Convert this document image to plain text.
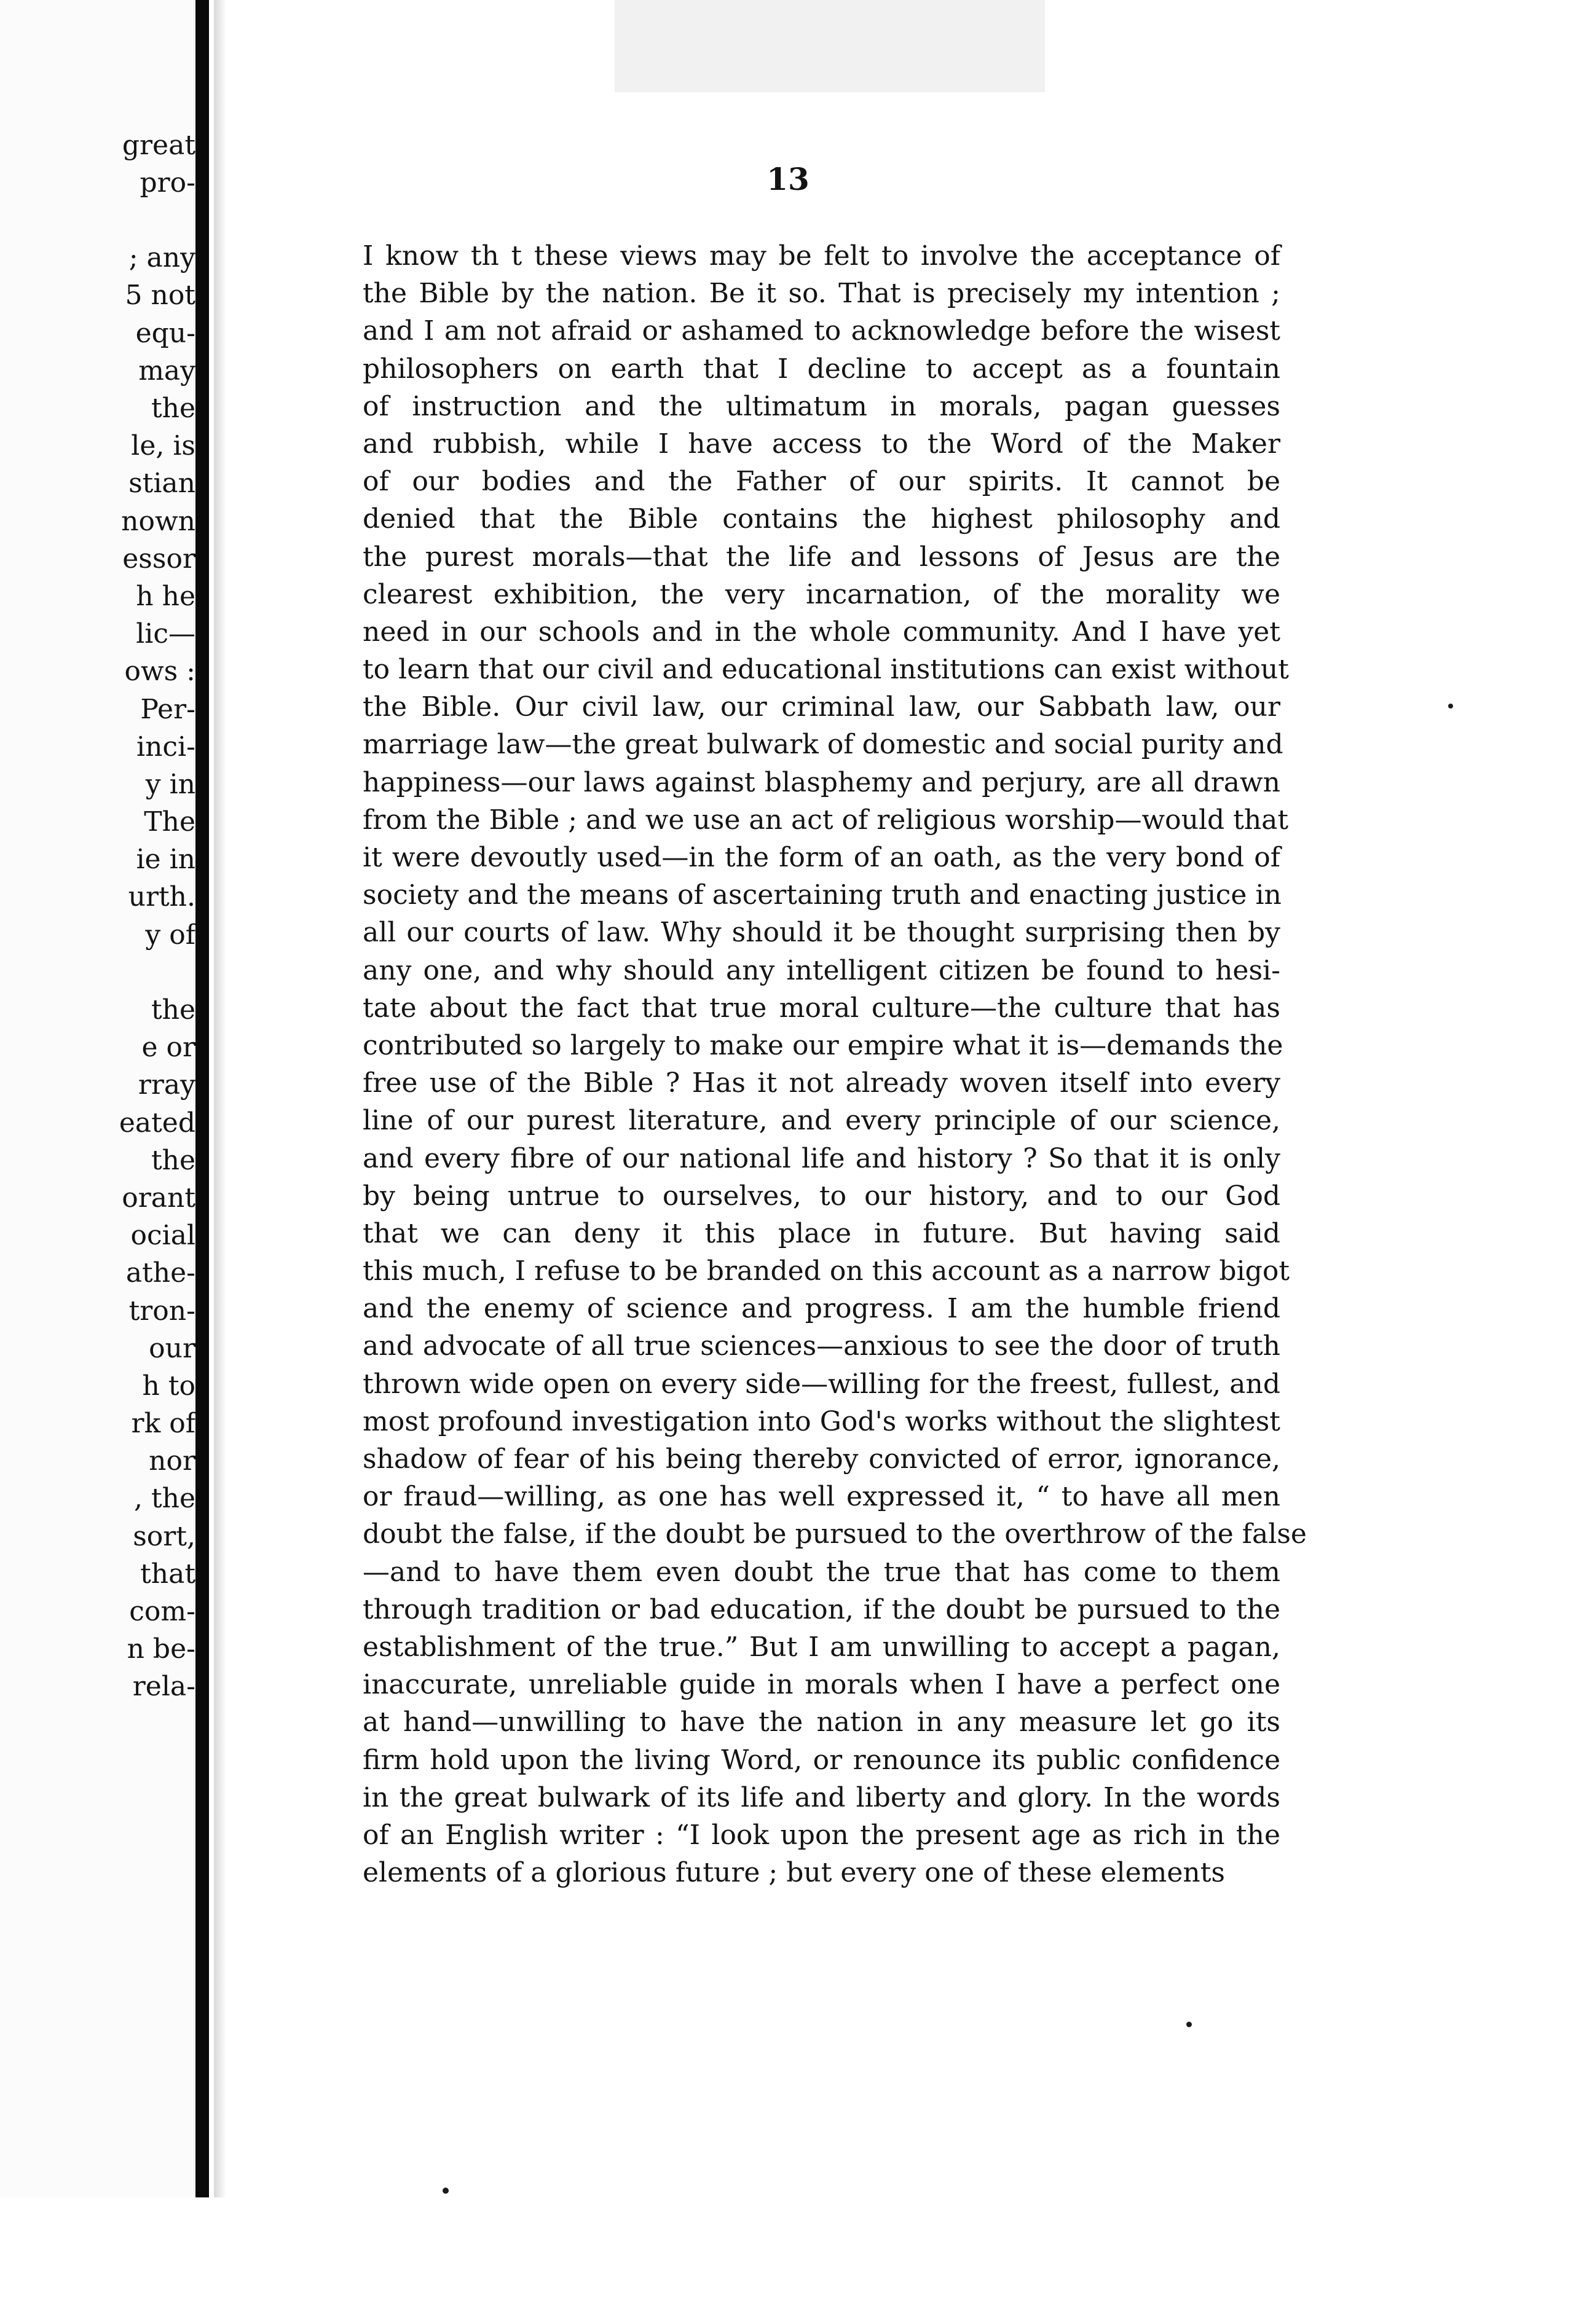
great
pro-
; any
5 not
equ-
may
the
le, is
stian
nown
essor
h he
lic—
ows :
Per-
inci-
y in
The
ie in
urth.
y of
the
e or
rray
eated
the
orant
ocial
athe-
tron-
our
h to
rk of
nor
, the
sort,
that
com-
n be-
rela-
13
I know th t these views may be felt to involve the acceptance of
the Bible by the nation. Be it so. That is precisely my intention ;
and I am not afraid or ashamed to acknowledge before the wisest
philosophers on earth that I decline to accept as a fountain
of instruction and the ultimatum in morals, pagan guesses
and rubbish, while I have access to the Word of the Maker
of our bodies and the Father of our spirits. It cannot be
denied that the Bible contains the highest philosophy and
the purest morals—that the life and lessons of Jesus are the
clearest exhibition, the very incarnation, of the morality we
need in our schools and in the whole community. And I have yet
to learn that our civil and educational institutions can exist without
the Bible. Our civil law, our criminal law, our Sabbath law, our
marriage law—the great bulwark of domestic and social purity and
happiness—our laws against blasphemy and perjury, are all drawn
from the Bible ; and we use an act of religious worship—would that
it were devoutly used—in the form of an oath, as the very bond of
society and the means of ascertaining truth and enacting justice in
all our courts of law. Why should it be thought surprising then by
any one, and why should any intelligent citizen be found to hesi-
tate about the fact that true moral culture—the culture that has
contributed so largely to make our empire what it is—demands the
free use of the Bible ? Has it not already woven itself into every
line of our purest literature, and every principle of our science,
and every fibre of our national life and history ? So that it is only
by being untrue to ourselves, to our history, and to our God
that we can deny it this place in future. But having said
this much, I refuse to be branded on this account as a narrow bigot
and the enemy of science and progress. I am the humble friend
and advocate of all true sciences—anxious to see the door of truth
thrown wide open on every side—willing for the freest, fullest, and
most profound investigation into God's works without the slightest
shadow of fear of his being thereby convicted of error, ignorance,
or fraud—willing, as one has well expressed it, “ to have all men
doubt the false, if the doubt be pursued to the overthrow of the false
—and to have them even doubt the true that has come to them
through tradition or bad education, if the doubt be pursued to the
establishment of the true.” But I am unwilling to accept a pagan,
inaccurate, unreliable guide in morals when I have a perfect one
at hand—unwilling to have the nation in any measure let go its
firm hold upon the living Word, or renounce its public confidence
in the great bulwark of its life and liberty and glory. In the words
of an English writer : “I look upon the present age as rich in the
elements of a glorious future ; but every one of these elements
